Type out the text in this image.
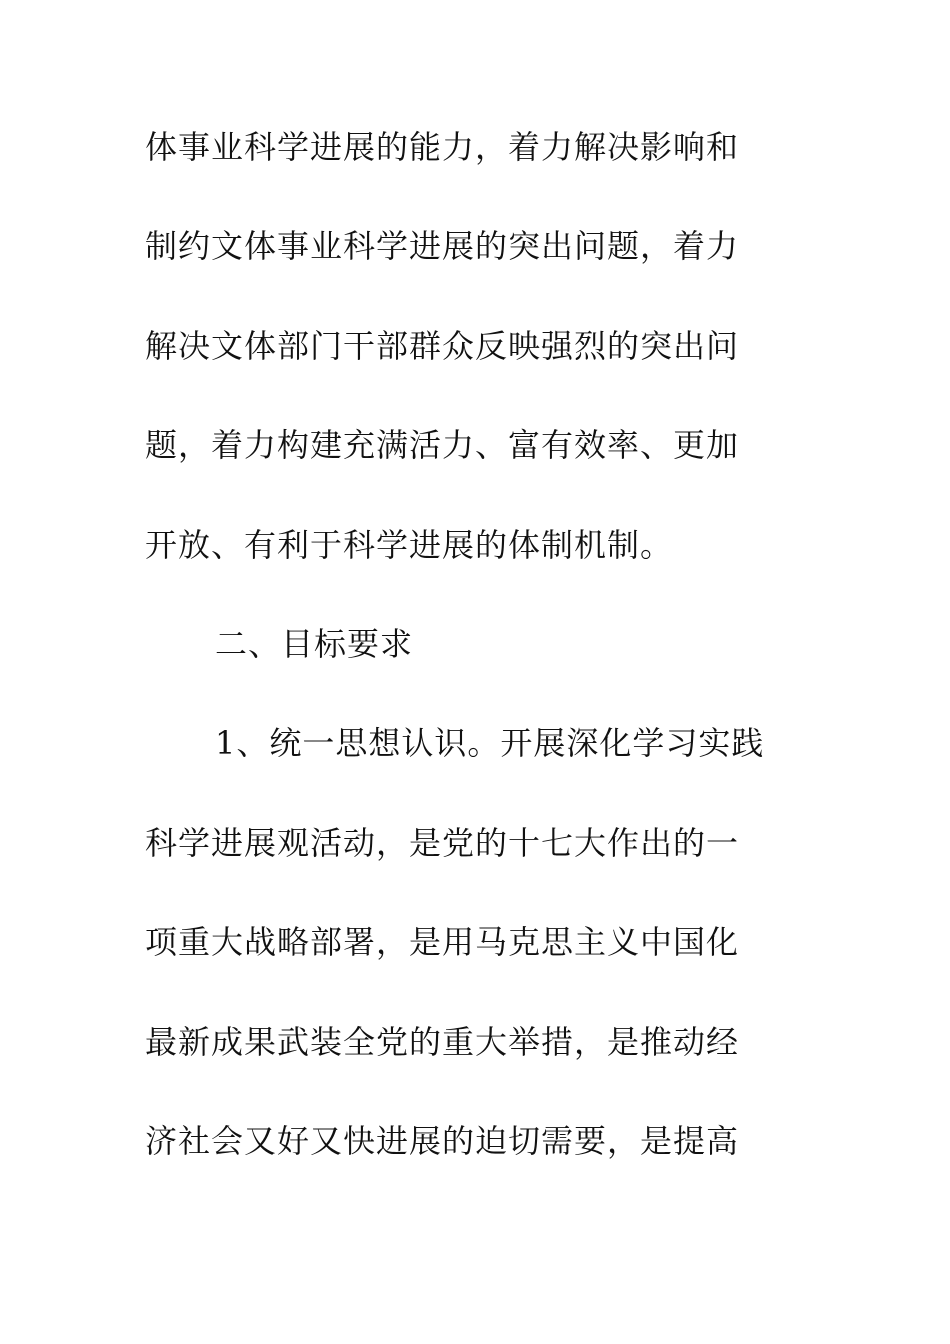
体事业科学进展的能力，着力解决影响和
制约文体事业科学进展的突出问题，着力
解决文体部门干部群众反映强烈的突出问
题，着力构建充满活力、富有效率、更加
开放、有利于科学进展的体制机制。
二、目标要求
1、统一思想认识。开展深化学习实践
科学进展观活动，是党的十七大作出的一
项重大战略部署，是用马克思主义中国化
最新成果武装全党的重大举措，是推动经
济社会又好又快进展的迫切需要，是提高
